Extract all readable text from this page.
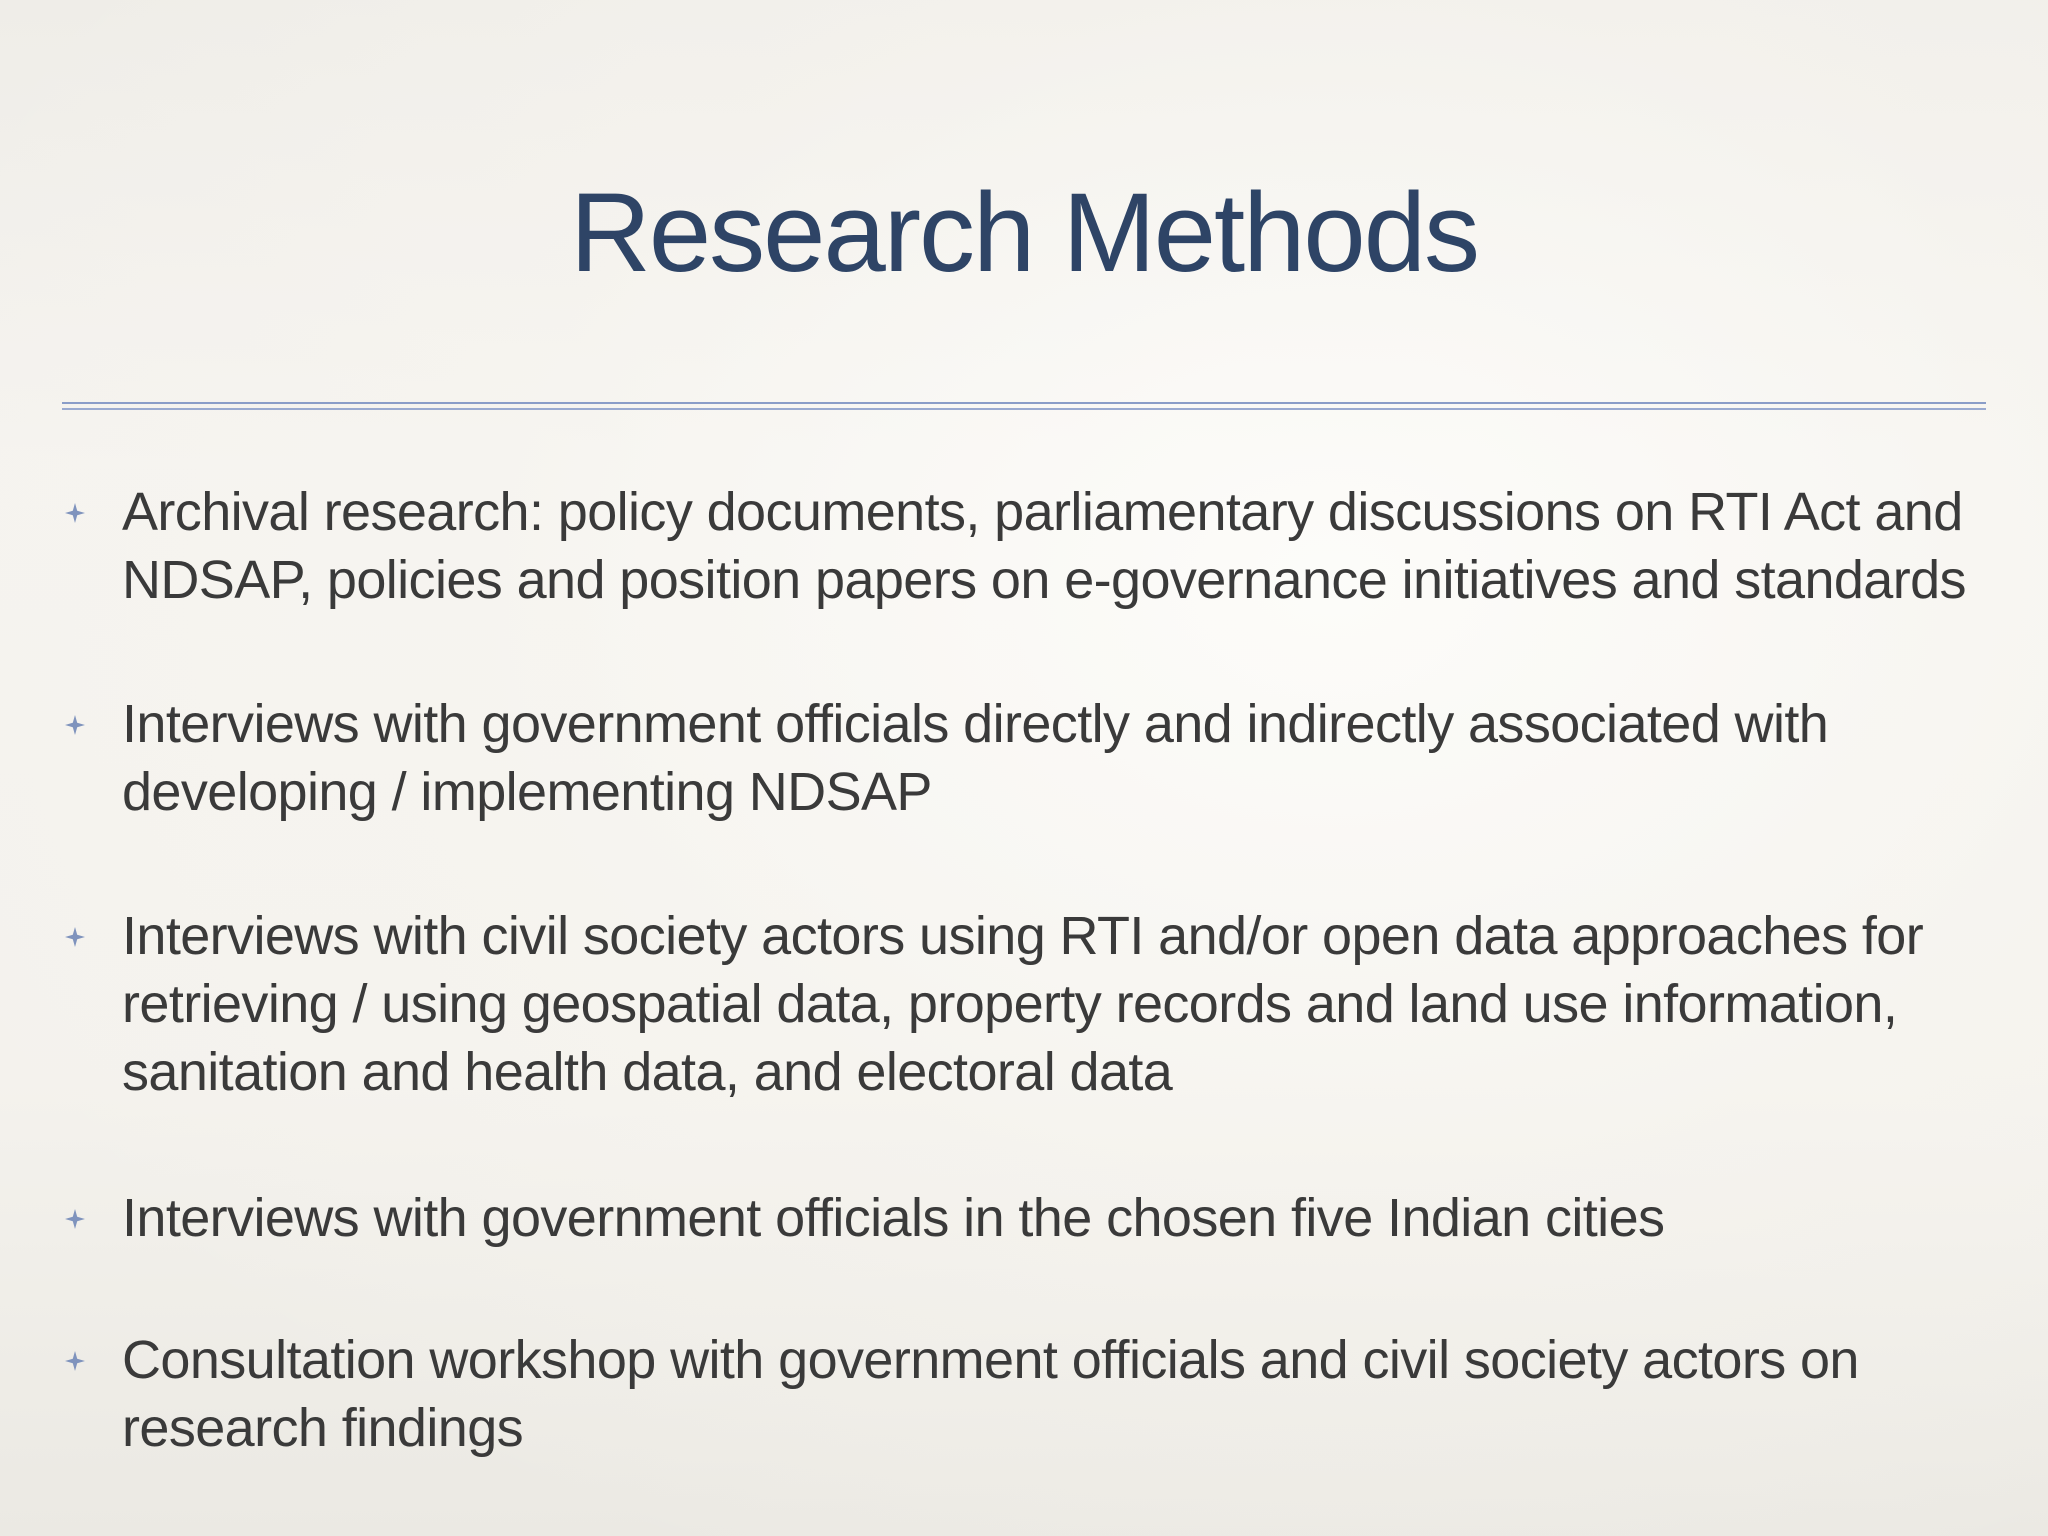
Research Methods
Archival research: policy documents, parliamentary discussions on RTI Act and
NDSAP, policies and position papers on e-governance initiatives and standards
Interviews with government officials directly and indirectly associated with
developing / implementing NDSAP
Interviews with civil society actors using RTI and/or open data approaches for
retrieving / using geospatial data, property records and land use information,
sanitation and health data, and electoral data
Interviews with government officials in the chosen five Indian cities
Consultation workshop with government officials and civil society actors on
research findings
